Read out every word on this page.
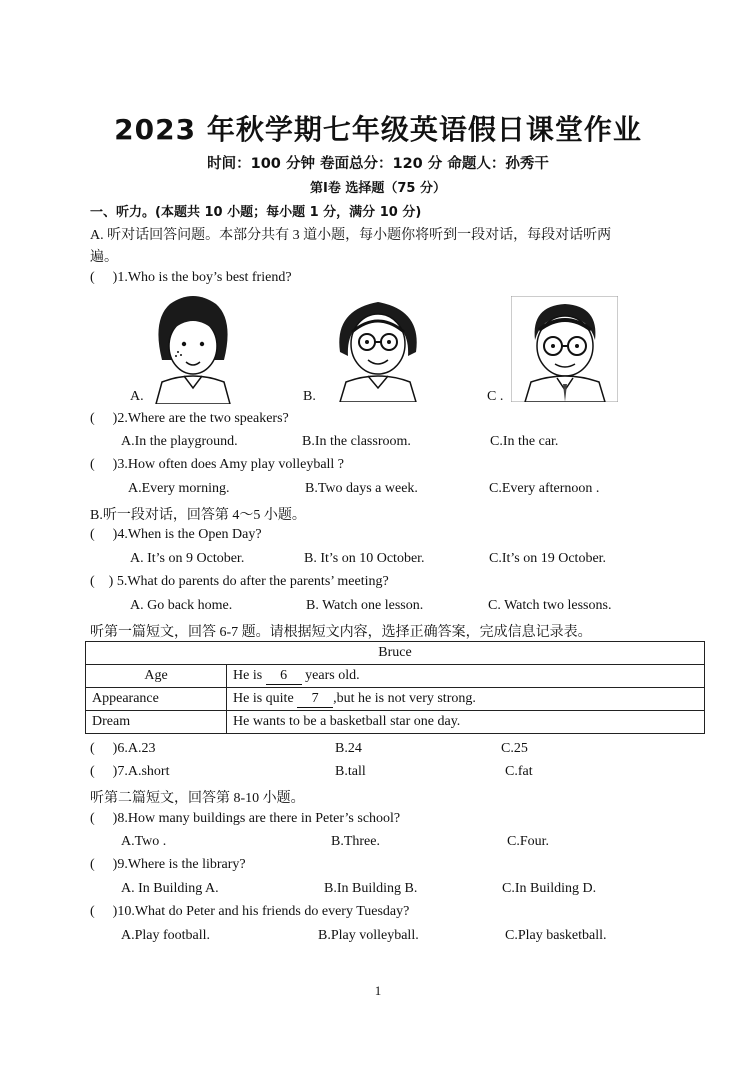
2023 年秋学期七年级英语假日课堂作业
时间：100 分钟 卷面总分：120 分 命题人：孙秀干
第Ⅰ卷 选择题（75 分）
一、听力。(本题共 10 小题；每小题 1 分，满分 10 分)
A. 听对话回答问题。本部分共有 3 道小题，每小题你将听到一段对话，每段对话听两
遍。
( )1.Who is the boy’s best friend?
A.	B.	C .
( )2.Where are the two speakers?
A.In the playground.	B.In the classroom.	C.In the car.
( )3.How often does Amy play volleyball ?
A.Every morning.	B.Two days a week.	C.Every afternoon .
B.听一段对话，回答第 4～5 小题。
( )4.When is the Open Day?
A. It’s on 9 October.	B. It’s on 10 October.	C.It’s on 19 October.
( ) 5.What do parents do after the parents’ meeting?
A. Go back home.	B. Watch one lesson.	C. Watch two lessons.
听第一篇短文，回答 6-7 题。请根据短文内容，选择正确答案，完成信息记录表。
Bruce	
Age	He is 6 years old.
Appearance	He is quite 7 ,but he is not very strong.
Dream	He wants to be a basketball star one day.
( )6.A.23	B.24	C.25
( )7.A.short	B.tall	C.fat
听第二篇短文，回答第 8-10 小题。
( )8.How many buildings are there in Peter’s school?
A.Two .	B.Three.	C.Four.
( )9.Where is the library?
A. In Building A.	B.In Building B.	C.In Building D.
( )10.What do Peter and his friends do every Tuesday?
A.Play football.	B.Play volleyball.	C.Play basketball.
1
